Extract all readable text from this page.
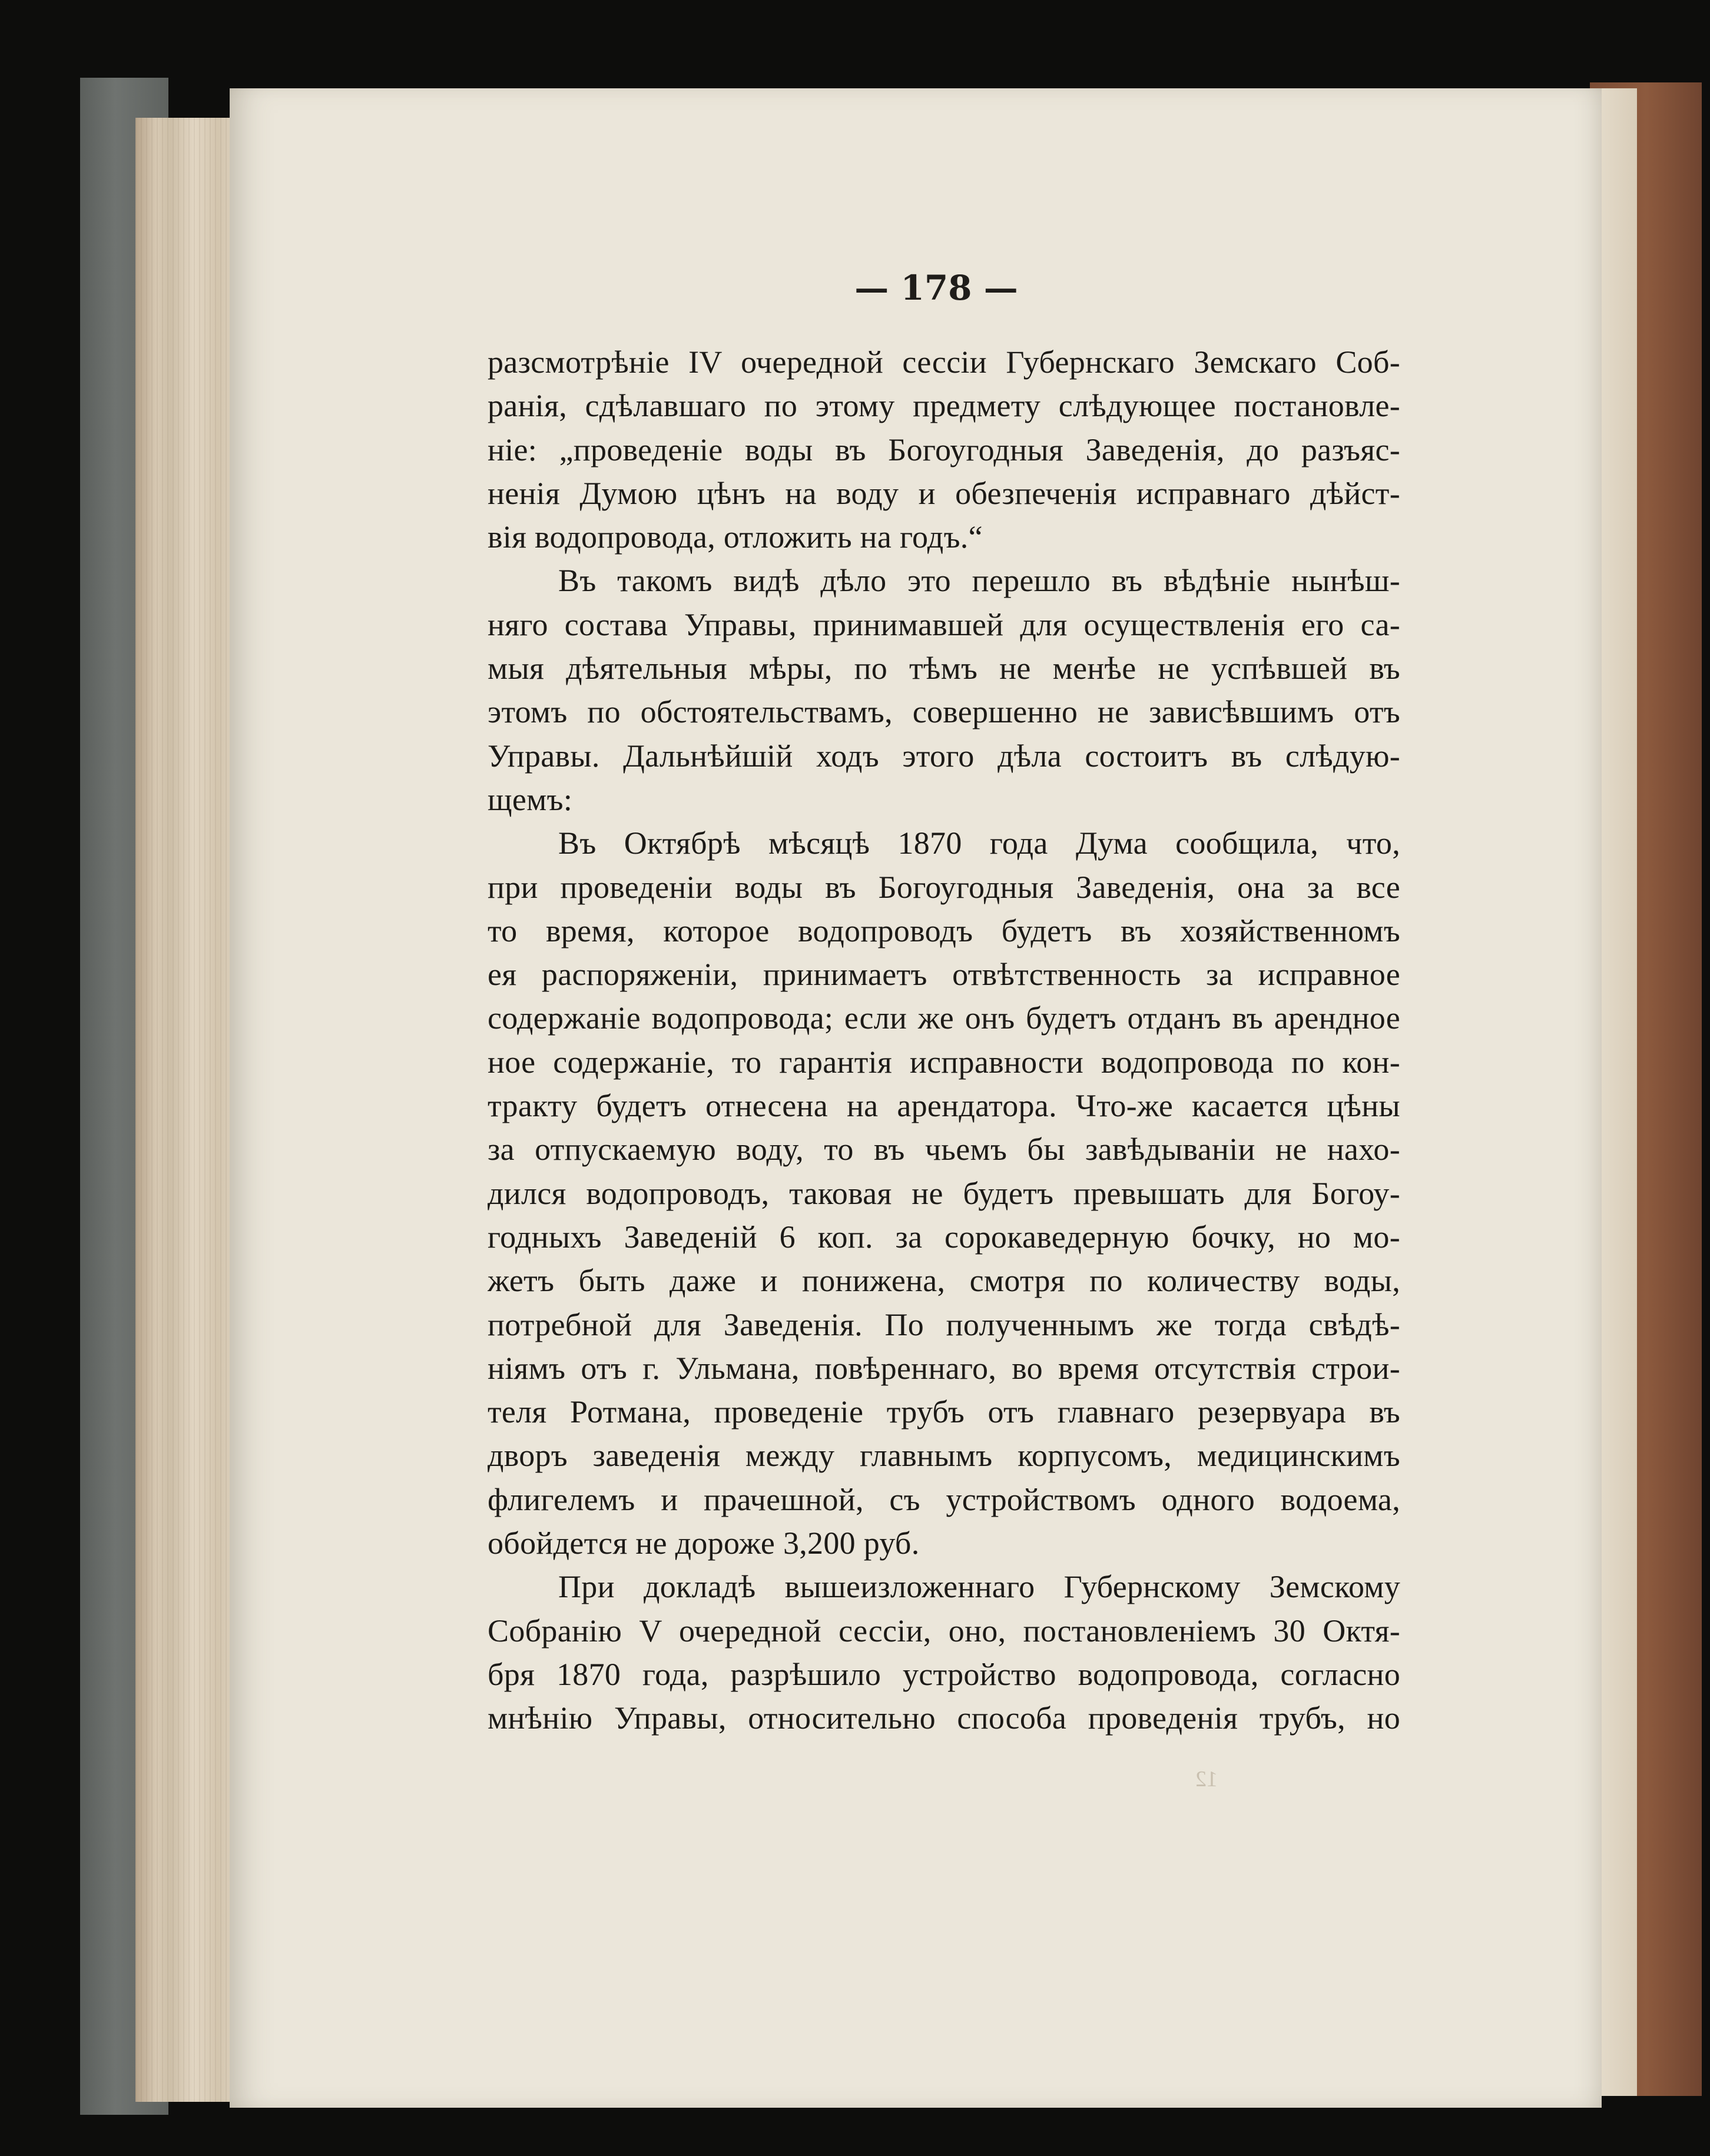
— 178 —
разсмотрѣніе IV очередной сессіи Губернскаго Земскаго Соб-
ранія, сдѣлавшаго по этому предмету слѣдующее постановле-
ніе: „проведеніе воды въ Богоугодныя Заведенія, до разъяс-
ненія Думою цѣнъ на воду и обезпеченія исправнаго дѣйст-
вія водопровода, отложить на годъ.“
Въ такомъ видѣ дѣло это перешло въ вѣдѣніе нынѣш-
няго состава Управы, принимавшей для осуществленія его са-
мыя дѣятельныя мѣры, по тѣмъ не менѣе не успѣвшей въ
этомъ по обстоятельствамъ, совершенно не зависѣвшимъ отъ
Управы. Дальнѣйшій ходъ этого дѣла состоитъ въ слѣдую-
щемъ:
Въ Октябрѣ мѣсяцѣ 1870 года Дума сообщила, что,
при проведеніи воды въ Богоугодныя Заведенія, она за все
то время, которое водопроводъ будетъ въ хозяйственномъ
ея распоряженіи, принимаетъ отвѣтственность за исправное
содержаніе водопровода; если же онъ будетъ отданъ въ арендное
ное содержаніе, то гарантія исправности водопровода по кон-
тракту будетъ отнесена на арендатора. Что-же касается цѣны
за отпускаемую воду, то въ чьемъ бы завѣдываніи не нахо-
дился водопроводъ, таковая не будетъ превышать для Богоу-
годныхъ Заведеній 6 коп. за сорокаведерную бочку, но мо-
жетъ быть даже и понижена, смотря по количеству воды,
потребной для Заведенія. По полученнымъ же тогда свѣдѣ-
ніямъ отъ г. Ульмана, повѣреннаго, во время отсутствія строи-
теля Ротмана, проведеніе трубъ отъ главнаго резервуара въ
дворъ заведенія между главнымъ корпусомъ, медицинскимъ
флигелемъ и прачешной, съ устройствомъ одного водоема,
обойдется не дороже 3,200 руб.
При докладѣ вышеизложеннаго Губернскому Земскому
Собранію V очередной сессіи, оно, постановленіемъ 30 Октя-
бря 1870 года, разрѣшило устройство водопровода, согласно
мнѣнію Управы, относительно способа проведенія трубъ, но
12
